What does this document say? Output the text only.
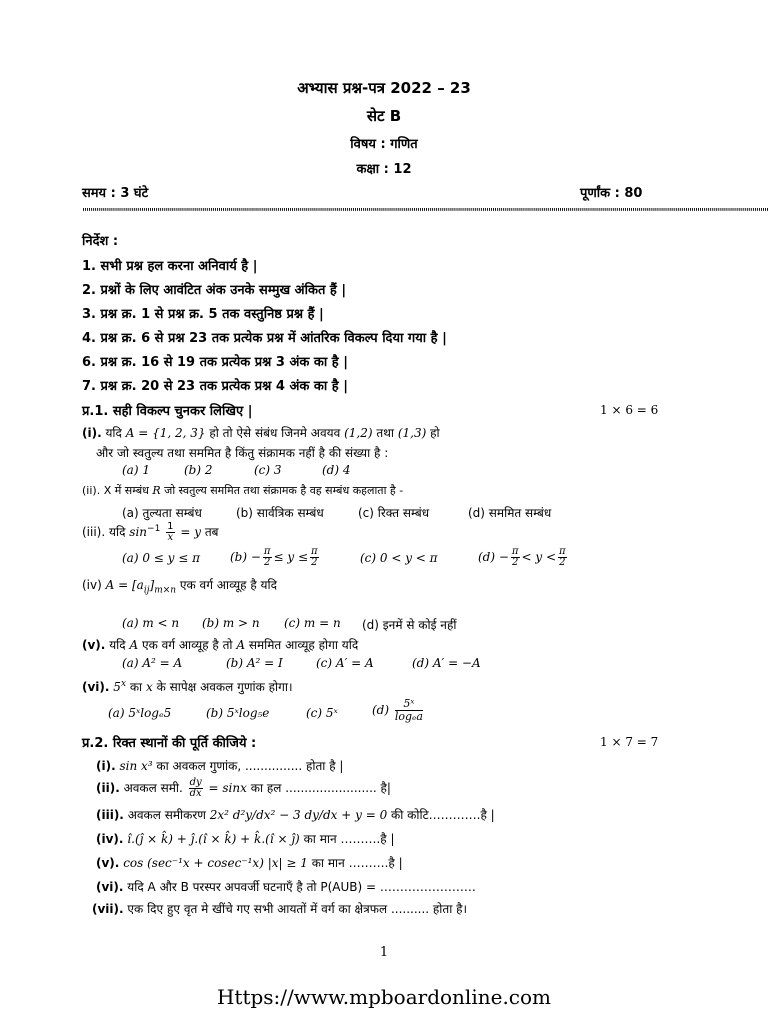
अभ्यास प्रश्न-पत्र 2022 – 23
सेट B
विषय : गणित
कक्षा : 12
समय : 3 घंटे	पूर्णांक : 80
"""""""""""""""""""""""""""""""""""""""""""""""""""""""""""""""""""""""""""""""""""""""""""""""""""""""""""""""""""""""""""""""""""""""""""""""""""""""""""""""""""""""""
निर्देश :
1. सभी प्रश्न हल करना अनिवार्य है |
2. प्रश्नों के लिए आवंटित अंक उनके सम्मुख अंकित हैं |
3. प्रश्न क्र. 1 से प्रश्न क्र. 5 तक वस्तुनिष्ठ प्रश्न हैं |
4. प्रश्न क्र. 6 से प्रश्न 23 तक प्रत्येक प्रश्न में आंतरिक विकल्प दिया गया है |
6. प्रश्न क्र. 16 से 19 तक प्रत्येक प्रश्न 3 अंक का है |
7. प्रश्न क्र. 20 से 23 तक प्रत्येक प्रश्न 4 अंक का है |
प्र.1. सही विकल्प चुनकर लिखिए |	1 × 6 = 6
(i). यदि A = {1, 2, 3} हो तो ऐसे संबंध जिनमे अवयव (1,2) तथा (1,3) हो
और जो स्वतुल्य तथा सममित है किंतु संक्रामक नहीं है की संख्या है :
(a) 1	(b) 2	(c) 3	(d) 4
(ii). X में सम्बंध R जो स्वतुल्य सममित तथा संक्रामक है वह सम्बंध कहलाता है -
(a) तुल्यता सम्बंध	(b) सार्वत्रिक सम्बंध	(c) रिक्त सम्बंध	(d) सममित सम्बंध
(iii). यदि $\sin^{-1} \frac{1}{x} = y$ तब
(a) 0 ≤ y ≤ π	$(b) - \frac{\pi}{2} \le y \le \frac{\pi}{2}$	(c) 0 < y < π	$(d) - \frac{\pi}{2} < y < \frac{\pi}{2}$
(iv) $A = [a_{ij}]_{m\times n}$ एक वर्ग आव्यूह है यदि
(a) m < n (b) m > n (c) m = n (d) इनमें से कोई नहीं
(v). यदि A एक वर्ग आव्यूह है तो A सममित आव्यूह होगा यदि
(a) A² = A	(b) A² = I	(c) A′ = A	(d) A′ = −A
(vi). 5$^x$ का x के सापेक्ष अवकल गुणांक होगा।
(a) 5ˣlogₑ5	(b) 5ˣlog₅e	(c) 5ˣ	$(d) \frac{\text{5ˣ}}{\text{logₑa}}$
प्र.2. रिक्त स्थानों की पूर्ति कीजिये :	1 × 7 = 7
(i). sin x³ का अवकल गुणांक, ............... होता है |
(ii). अवकल समी. $\frac{dy}{dx} = \sin x$ का हल ........................ है|
(iii). अवकल समीकरण 2x² d²y/dx² − 3 dy/dx + y = 0 की कोटि………….है |
(iv). î.(ĵ × k̂) + ĵ.(î × k̂) + k̂.(î × ĵ) का मान ……….है |
(v). cos (sec⁻¹x + cosec⁻¹x) |x| ≥ 1 का मान ……….है |
(vi). यदि A और B परस्पर अपवर्जी घटनाएँ है तो P(AUB) = ……………………
(vii). एक दिए हुए वृत मे खींचे गए सभी आयतों में वर्ग का क्षेत्रफल .......... होता है।
1
Https://www.mpboardonline.com
